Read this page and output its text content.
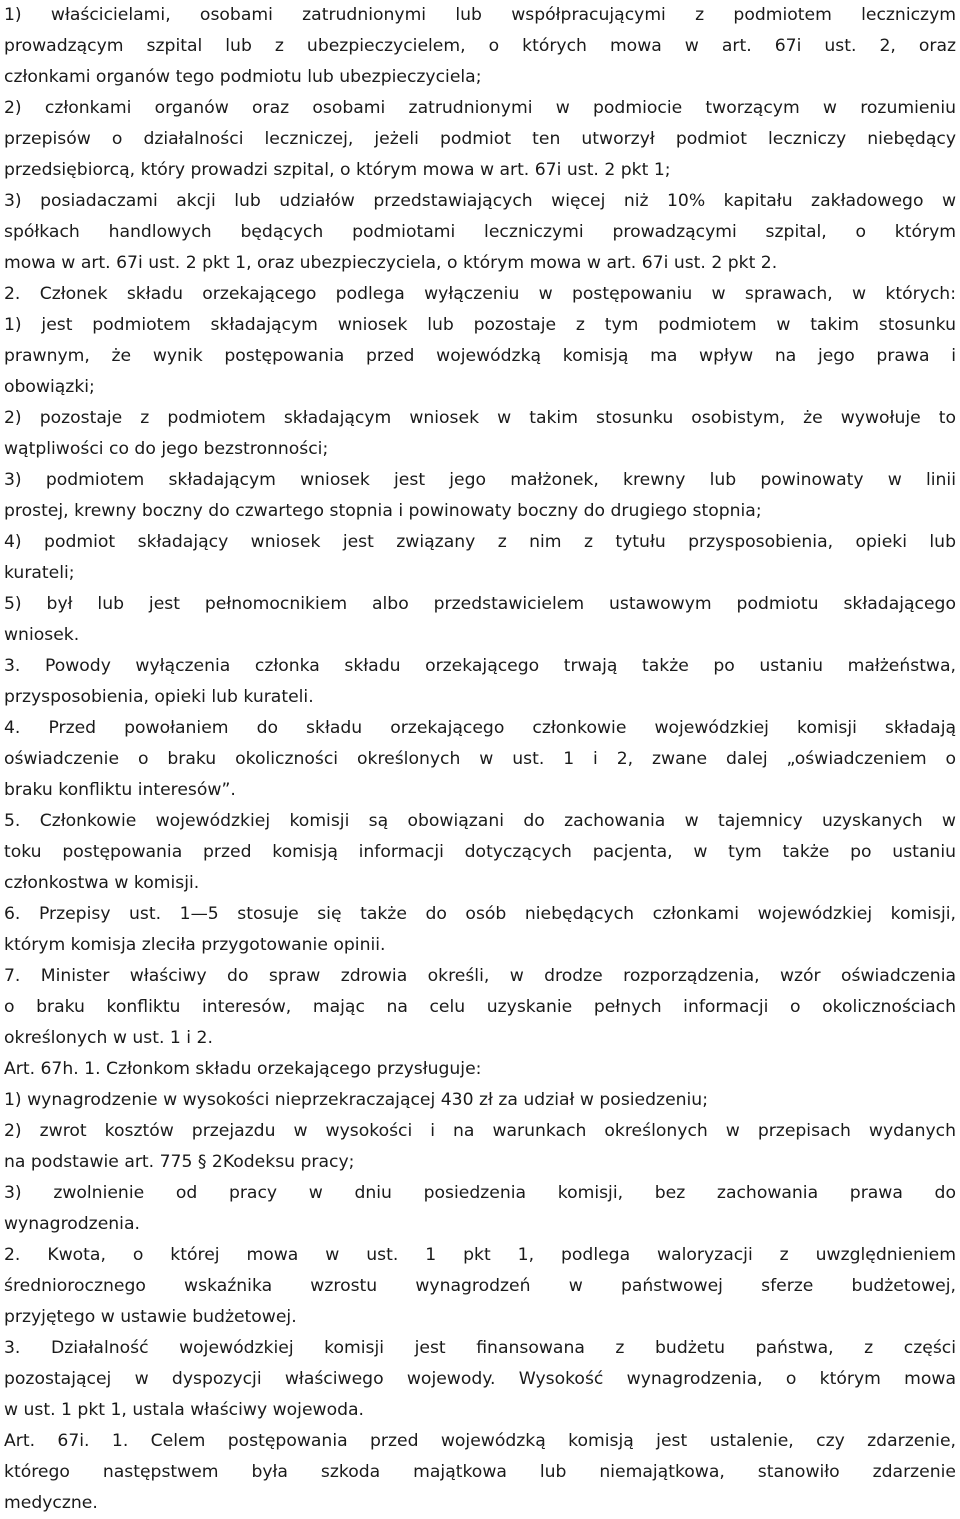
1) właścicielami, osobami zatrudnionymi lub współpracującymi z podmiotem leczniczym
prowadzącym szpital lub z ubezpieczycielem, o których mowa w art. 67i ust. 2, oraz
członkami organów tego podmiotu lub ubezpieczyciela;
2) członkami organów oraz osobami zatrudnionymi w podmiocie tworzącym w rozumieniu
przepisów o działalności leczniczej, jeżeli podmiot ten utworzył podmiot leczniczy niebędący
przedsiębiorcą, który prowadzi szpital, o którym mowa w art. 67i ust. 2 pkt 1;
3) posiadaczami akcji lub udziałów przedstawiających więcej niż 10% kapitału zakładowego w
spółkach handlowych będących podmiotami leczniczymi prowadzącymi szpital, o którym
mowa w art. 67i ust. 2 pkt 1, oraz ubezpieczyciela, o którym mowa w art. 67i ust. 2 pkt 2.
2. Członek składu orzekającego podlega wyłączeniu w postępowaniu w sprawach, w których:
1) jest podmiotem składającym wniosek lub pozostaje z tym podmiotem w takim stosunku
prawnym, że wynik postępowania przed wojewódzką komisją ma wpływ na jego prawa i
obowiązki;
2) pozostaje z podmiotem składającym wniosek w takim stosunku osobistym, że wywołuje to
wątpliwości co do jego bezstronności;
3) podmiotem składającym wniosek jest jego małżonek, krewny lub powinowaty w linii
prostej, krewny boczny do czwartego stopnia i powinowaty boczny do drugiego stopnia;
4) podmiot składający wniosek jest związany z nim z tytułu przysposobienia, opieki lub
kurateli;
5) był lub jest pełnomocnikiem albo przedstawicielem ustawowym podmiotu składającego
wniosek.
3. Powody wyłączenia członka składu orzekającego trwają także po ustaniu małżeństwa,
przysposobienia, opieki lub kurateli.
4. Przed powołaniem do składu orzekającego członkowie wojewódzkiej komisji składają
oświadczenie o braku okoliczności określonych w ust. 1 i 2, zwane dalej „oświadczeniem o
braku konfliktu interesów”.
5. Członkowie wojewódzkiej komisji są obowiązani do zachowania w tajemnicy uzyskanych w
toku postępowania przed komisją informacji dotyczących pacjenta, w tym także po ustaniu
członkostwa w komisji.
6. Przepisy ust. 1—5 stosuje się także do osób niebędących członkami wojewódzkiej komisji,
którym komisja zleciła przygotowanie opinii.
7. Minister właściwy do spraw zdrowia określi, w drodze rozporządzenia, wzór oświadczenia
o braku konfliktu interesów, mając na celu uzyskanie pełnych informacji o okolicznościach
określonych w ust. 1 i 2.
Art. 67h. 1. Członkom składu orzekającego przysługuje:
1) wynagrodzenie w wysokości nieprzekraczającej 430 zł za udział w posiedzeniu;
2) zwrot kosztów przejazdu w wysokości i na warunkach określonych w przepisach wydanych
na podstawie art. 775 § 2Kodeksu pracy;
3) zwolnienie od pracy w dniu posiedzenia komisji, bez zachowania prawa do
wynagrodzenia.
2. Kwota, o której mowa w ust. 1 pkt 1, podlega waloryzacji z uwzględnieniem
średniorocznego wskaźnika wzrostu wynagrodzeń w państwowej sferze budżetowej,
przyjętego w ustawie budżetowej.
3. Działalność wojewódzkiej komisji jest finansowana z budżetu państwa, z części
pozostającej w dyspozycji właściwego wojewody. Wysokość wynagrodzenia, o którym mowa
w ust. 1 pkt 1, ustala właściwy wojewoda.
Art. 67i. 1. Celem postępowania przed wojewódzką komisją jest ustalenie, czy zdarzenie,
którego następstwem była szkoda majątkowa lub niemajątkowa, stanowiło zdarzenie
medyczne.
